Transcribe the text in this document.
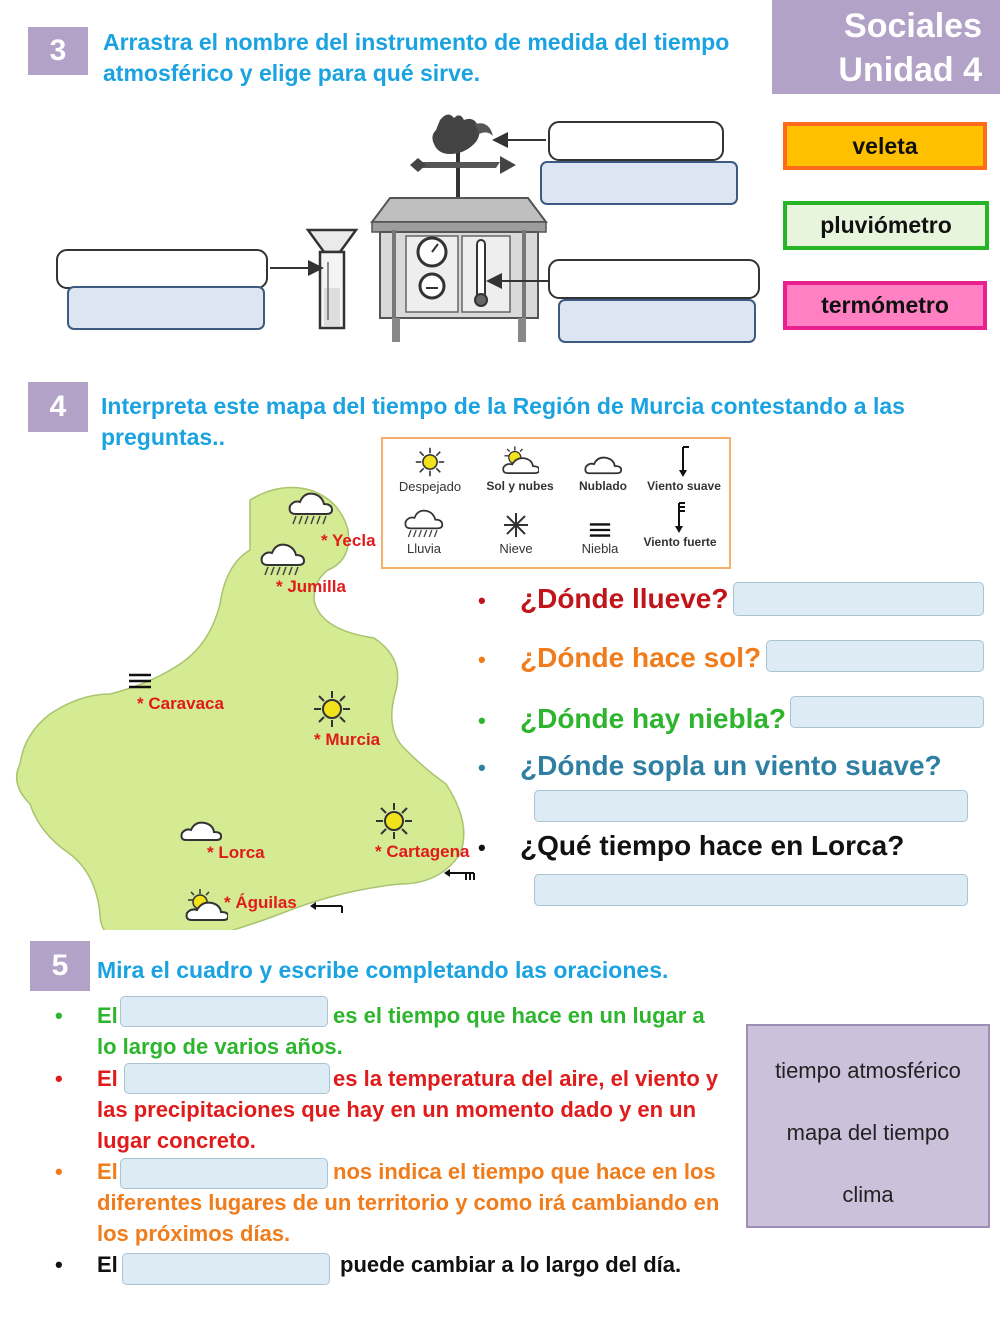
Sociales
Unidad 4
3	Arrastra el nombre del instrumento de medida del tiempo atmosférico y elige para qué sirve.
veleta
pluviómetro
termómetro
4	Interpreta este mapa del tiempo de la Región de Murcia contestando a las preguntas..
* Yecla
* Jumilla
* Caravaca
* Murcia
* Lorca	* Cartagena
* Águilas
Despejado	Sol y nubes	Nublado	Viento suave
Lluvia	Nieve	Niebla	Viento fuerte
• ¿Dónde llueve?
• ¿Dónde hace sol?
• ¿Dónde hay niebla?
• ¿Dónde sopla un viento suave?
• ¿Qué tiempo hace en Lorca?
5	Mira el cuadro y escribe completando las oraciones.
• El	es el tiempo que hace en un lugar a
lo largo de varios años.
• El	es la temperatura del aire, el viento y
las precipitaciones que hay en un momento dado y en un
lugar concreto.
• El	nos indica el tiempo que hace en los
diferentes lugares de un territorio y como irá cambiando en
los próximos días.
• El	puede cambiar a lo largo del día.
tiempo atmosférico
mapa del tiempo
clima
